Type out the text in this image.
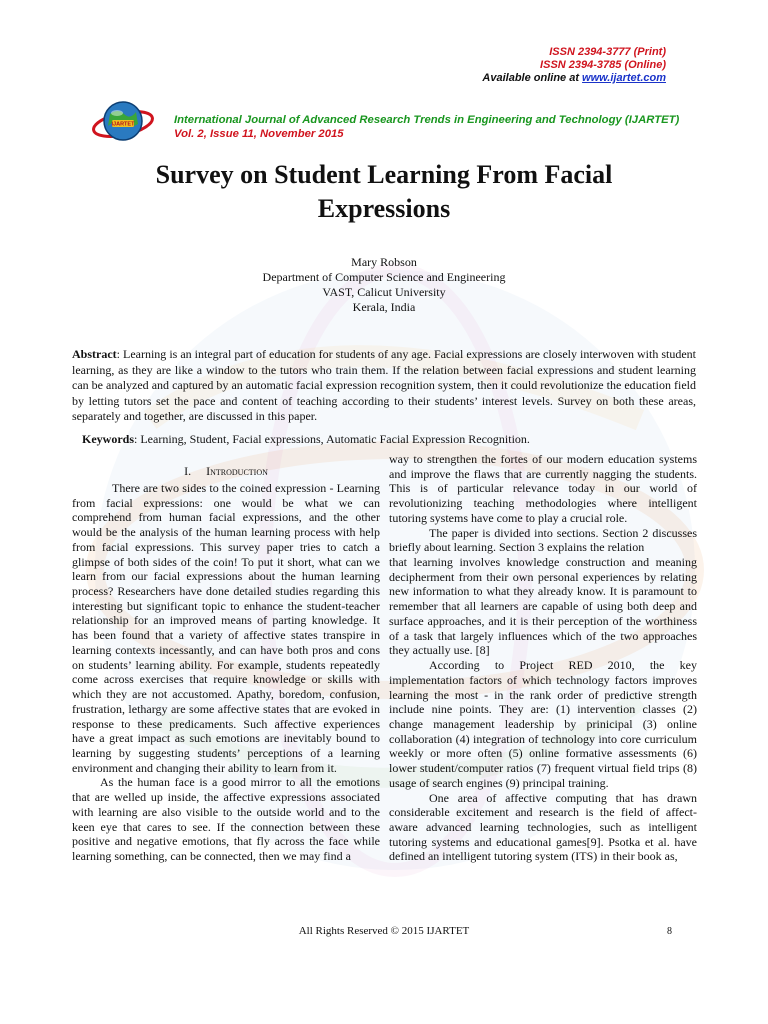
ISSN 2394-3777 (Print)
ISSN 2394-3785 (Online)
Available online at www.ijartet.com
IJARTET	International Journal of Advanced Research Trends in Engineering and Technology (IJARTET)
Vol. 2, Issue 11, November 2015
Survey on Student Learning From Facial
Expressions
Mary Robson
Department of Computer Science and Engineering
VAST, Calicut University
Kerala, India

Abstract: Learning is an integral part of education for students of any age. Facial expressions are closely interwoven with student learning, as they are like a window to the tutors who train them. If the relation between facial expressions and student learning can be analyzed and captured by an automatic facial expression recognition system, then it could revolutionize the education field by letting tutors set the pace and content of teaching according to their students’ interest levels. Survey on both these areas, separately and together, are discussed in this paper.

Keywords: Learning, Student, Facial expressions, Automatic Facial Expression Recognition.

I. Introduction

There are two sides to the coined expression - Learning from facial expressions: one would be what we can comprehend from human facial expressions, and the other would be the analysis of the human learning process with help from facial expressions. This survey paper tries to catch a glimpse of both sides of the coin! To put it short, what can we learn from our facial expressions about the human learning process? Researchers have done detailed studies regarding this interesting but significant topic to enhance the student-teacher relationship for an improved means of parting knowledge. It has been found that a variety of affective states transpire in learning contexts incessantly, and can have both pros and cons on students’ learning ability. For example, students repeatedly come across exercises that require knowledge or skills with which they are not accustomed. Apathy, boredom, confusion, frustration, lethargy are some affective states that are evoked in response to these predicaments. Such affective experiences have a great impact as such emotions are inevitably bound to learning by suggesting students’ perceptions of a learning environment and changing their ability to learn from it.

As the human face is a good mirror to all the emotions that are welled up inside, the affective expressions associated with learning are also visible to the outside world and to the keen eye that cares to see. If the connection between these positive and negative emotions, that fly across the face while learning something, can be connected, then we may find a

way to strengthen the fortes of our modern education systems and improve the flaws that are currently nagging the students. This is of particular relevance today in our world of revolutionizing teaching methodologies where intelligent tutoring systems have come to play a crucial role.

The paper is divided into sections. Section 2 discusses briefly about learning. Section 3 explains the relation

that learning involves knowledge construction and meaning decipherment from their own personal experiences by relating new information to what they already know. It is paramount to remember that all learners are capable of using both deep and surface approaches, and it is their perception of the worthiness of a task that largely influences which of the two approaches they actually use. [8]

According to Project RED 2010, the key implementation factors of which technology factors improves learning the most - in the rank order of predictive strength include nine points. They are: (1) intervention classes (2) change management leadership by prinicipal (3) online collaboration (4) integration of technology into core curriculum weekly or more often (5) online formative assessments (6) lower student/computer ratios (7) frequent virtual field trips (8) usage of search engines (9) principal training.

One area of affective computing that has drawn considerable excitement and research is the field of affect-aware advanced learning technologies, such as intelligent tutoring systems and educational games[9]. Psotka et al. have defined an intelligent tutoring system (ITS) in their book as,

All Rights Reserved © 2015 IJARTET	8
